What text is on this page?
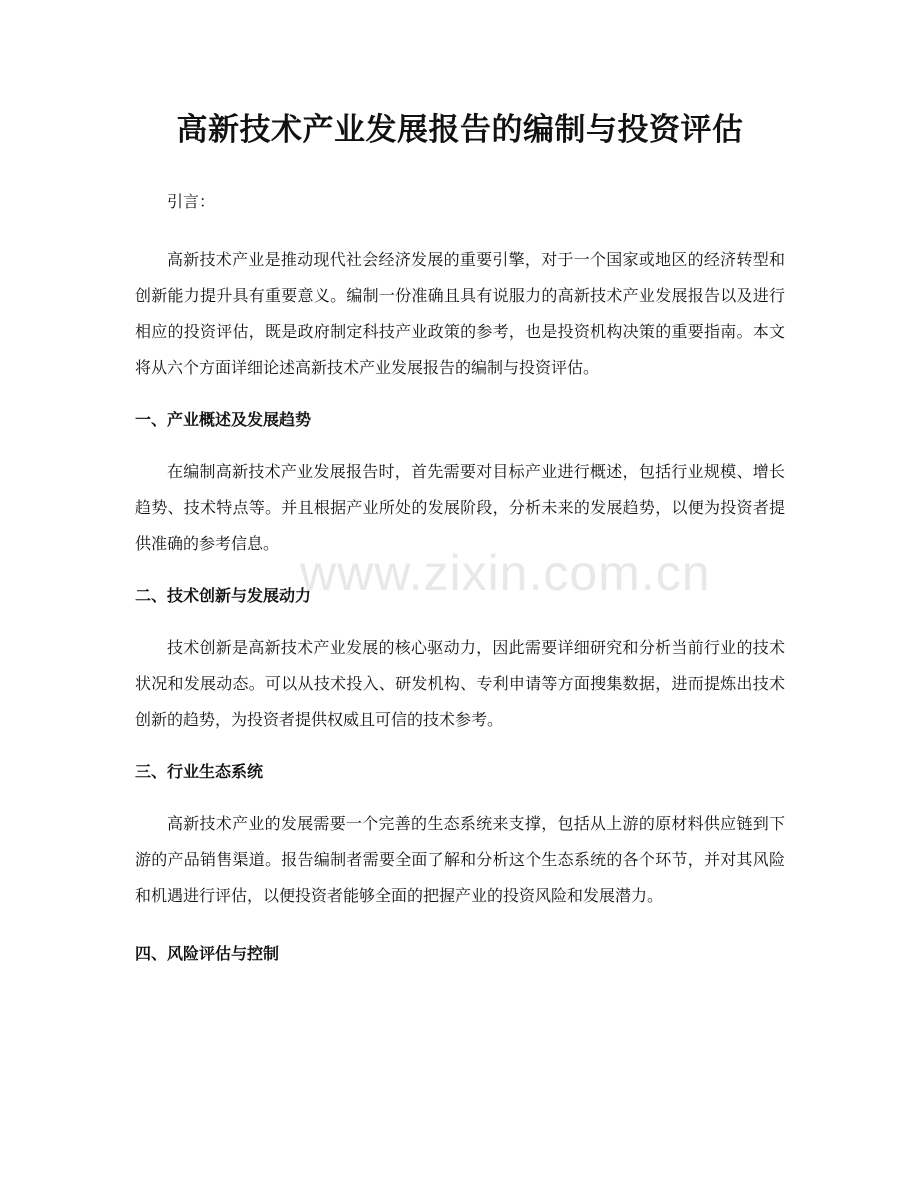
高新技术产业发展报告的编制与投资评估

引言：

高新技术产业是推动现代社会经济发展的重要引擎，对于一个国家或地区的经济转型和创新能力提升具有重要意义。编制一份准确且具有说服力的高新技术产业发展报告以及进行相应的投资评估，既是政府制定科技产业政策的参考，也是投资机构决策的重要指南。本文将从六个方面详细论述高新技术产业发展报告的编制与投资评估。

一、产业概述及发展趋势

在编制高新技术产业发展报告时，首先需要对目标产业进行概述，包括行业规模、增长趋势、技术特点等。并且根据产业所处的发展阶段，分析未来的发展趋势，以便为投资者提供准确的参考信息。

二、技术创新与发展动力

技术创新是高新技术产业发展的核心驱动力，因此需要详细研究和分析当前行业的技术状况和发展动态。可以从技术投入、研发机构、专利申请等方面搜集数据，进而提炼出技术创新的趋势，为投资者提供权威且可信的技术参考。

三、行业生态系统

高新技术产业的发展需要一个完善的生态系统来支撑，包括从上游的原材料供应链到下游的产品销售渠道。报告编制者需要全面了解和分析这个生态系统的各个环节，并对其风险和机遇进行评估，以便投资者能够全面的把握产业的投资风险和发展潜力。

四、风险评估与控制
www.zixin.com.cn
